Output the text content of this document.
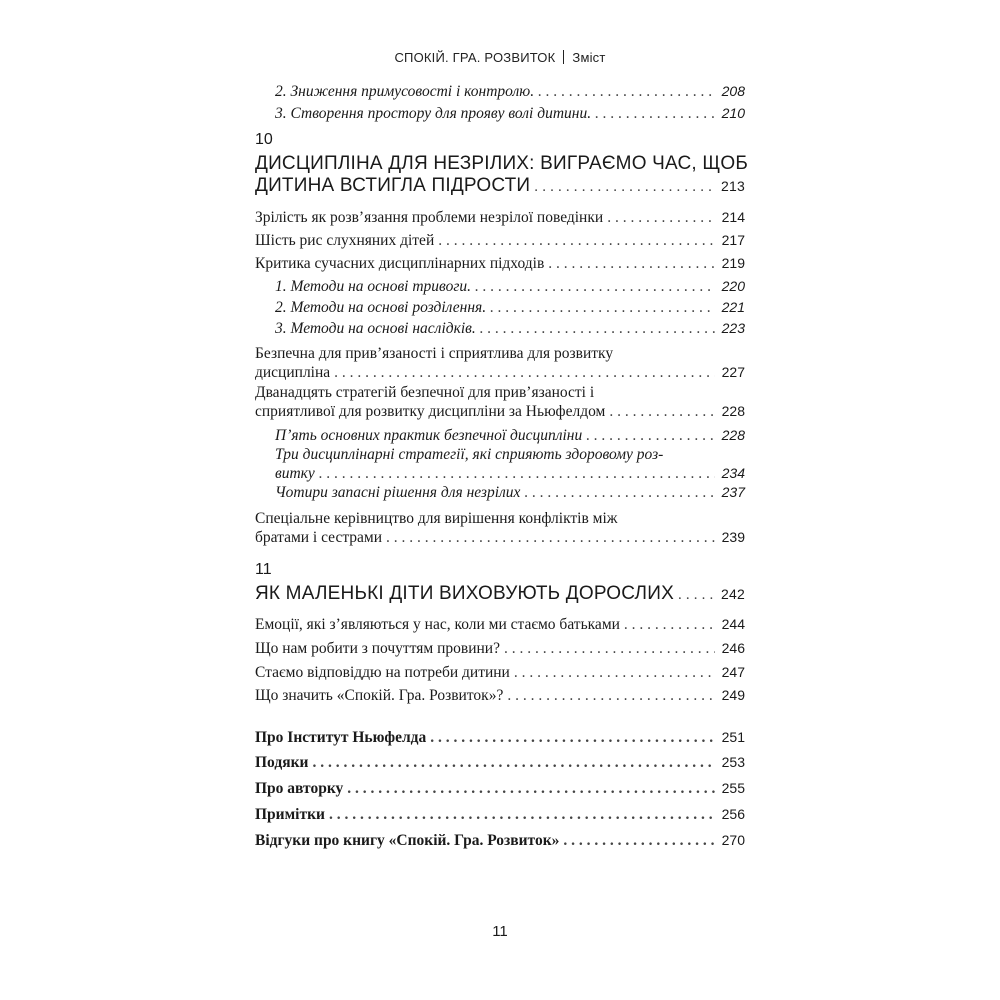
СПОКІЙ. ГРА. РОЗВИТОК Зміст
2. Зниження примусовості і контролю. . . .	208
3. Створення простору для прояву волі дитини. . . .	210
10
ДИСЦИПЛІНА ДЛЯ НЕЗРІЛИХ: ВИГРАЄМО ЧАС, ЩОБ
ДИТИНА ВСТИГЛА ПІДРОСТИ . . .	213
Зрілість як розв’язання проблеми незрілої поведінки . . .	214
Шість рис слухняних дітей . . .	217
Критика сучасних дисциплінарних підходів . . .	219
1. Методи на основі тривоги. . . .	220
2. Методи на основі розділення. . . .	221
3. Методи на основі наслідків. . . .	223
Безпечна для прив’язаності і сприятлива для розвитку
дисципліна . . .	227
Дванадцять стратегій безпечної для прив’язаності і
сприятливої для розвитку дисципліни за Ньюфелдом . . .	228
П’ять основних практик безпечної дисципліни . . .	228
Три дисциплінарні стратегії, які сприяють здоровому роз-
витку . . .	234
Чотири запасні рішення для незрілих . . .	237
Спеціальне керівництво для вирішення конфліктів між
братами і сестрами . . .	239
11
ЯК МАЛЕНЬКІ ДІТИ ВИХОВУЮТЬ ДОРОСЛИХ . . .	242
Емоції, які з’являються у нас, коли ми стаємо батьками . . .	244
Що нам робити з почуттям провини? . . .	246
Стаємо відповіддю на потреби дитини . . .	247
Що значить «Спокій. Гра. Розвиток»? . . .	249
Про Інститут Ньюфелда . . .	251
Подяки . . .	253
Про авторку . . .	255
Примітки . . .	256
Відгуки про книгу «Спокій. Гра. Розвиток» . . .	270
11
